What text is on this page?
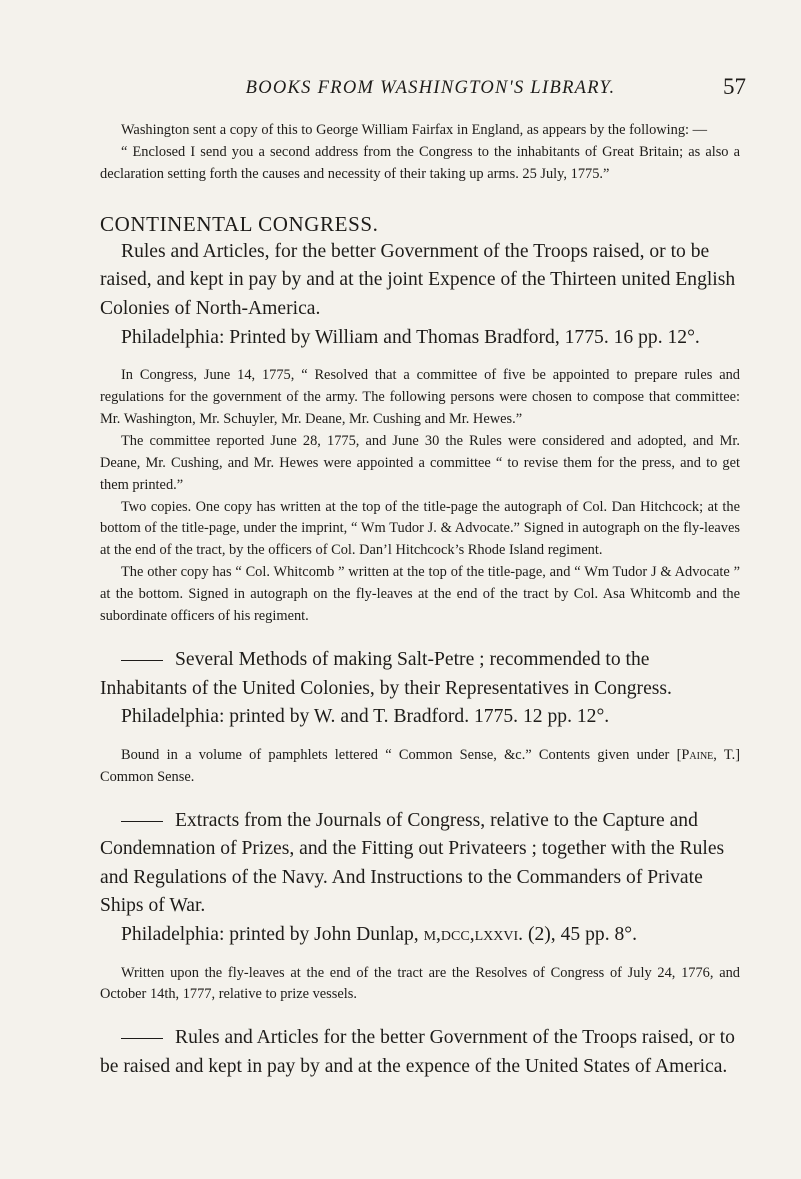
BOOKS FROM WASHINGTON'S LIBRARY.	57

Washington sent a copy of this to George William Fairfax in England, as appears by the following: —

“ Enclosed I send you a second address from the Congress to the inhabitants of Great Britain; as also a declaration setting forth the causes and necessity of their taking up arms. 25 July, 1775.”

CONTINENTAL CONGRESS.

Rules and Articles, for the better Government of the Troops raised, or to be raised, and kept in pay by and at the joint Expence of the Thirteen united English Colonies of North-America.

Philadelphia: Printed by William and Thomas Bradford, 1775. 16 pp. 12°.

In Congress, June 14, 1775, “ Resolved that a committee of five be appointed to prepare rules and regulations for the government of the army. The following persons were chosen to compose that committee: Mr. Washington, Mr. Schuyler, Mr. Deane, Mr. Cushing and Mr. Hewes.”

The committee reported June 28, 1775, and June 30 the Rules were considered and adopted, and Mr. Deane, Mr. Cushing, and Mr. Hewes were appointed a committee “ to revise them for the press, and to get them printed.”

Two copies. One copy has written at the top of the title-page the autograph of Col. Dan Hitchcock; at the bottom of the title-page, under the imprint, “ Wm Tudor J. & Advocate.” Signed in autograph on the fly-leaves at the end of the tract, by the officers of Col. Dan’l Hitchcock’s Rhode Island regiment.

The other copy has “ Col. Whitcomb ” written at the top of the title-page, and “ Wm Tudor J & Advocate ” at the bottom. Signed in autograph on the fly-leaves at the end of the tract by Col. Asa Whitcomb and the subordinate officers of his regiment.

Several Methods of making Salt-Petre ; recommended to the Inhabitants of the United Colonies, by their Representatives in Congress.

Philadelphia: printed by W. and T. Bradford. 1775. 12 pp. 12°.

Bound in a volume of pamphlets lettered “ Common Sense, &c.” Contents given under [Paine, T.] Common Sense.

Extracts from the Journals of Congress, relative to the Capture and Condemnation of Prizes, and the Fitting out Privateers ; together with the Rules and Regulations of the Navy. And Instructions to the Commanders of Private Ships of War.

Philadelphia: printed by John Dunlap, m,dcc,lxxvi. (2), 45 pp. 8°.

Written upon the fly-leaves at the end of the tract are the Resolves of Congress of July 24, 1776, and October 14th, 1777, relative to prize vessels.

Rules and Articles for the better Government of the Troops raised, or to be raised and kept in pay by and at the expence of the United States of America.
